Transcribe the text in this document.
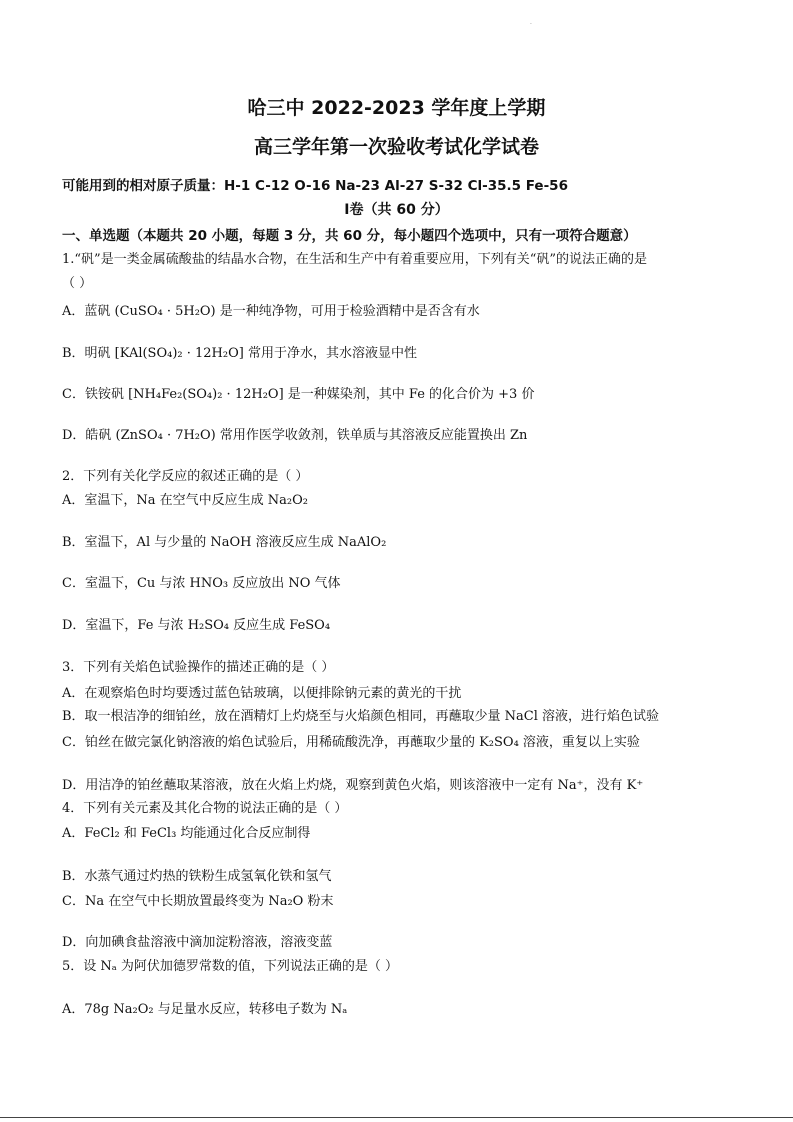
·
哈三中 2022-2023 学年度上学期
高三学年第一次验收考试化学试卷
可能用到的相对原子质量：H-1 C-12 O-16 Na-23 Al-27 S-32 Cl-35.5 Fe-56
Ⅰ卷（共 60 分）
一、单选题（本题共 20 小题，每题 3 分，共 60 分，每小题四个选项中，只有一项符合题意）
1.“矾”是一类金属硫酸盐的结晶水合物，在生活和生产中有着重要应用，下列有关“矾”的说法正确的是
（ ）
A．蓝矾 (CuSO₄ · 5H₂O) 是一种纯净物，可用于检验酒精中是否含有水
B．明矾 [KAl(SO₄)₂ · 12H₂O] 常用于净水，其水溶液显中性
C．铁铵矾 [NH₄Fe₂(SO₄)₂ · 12H₂O] 是一种媒染剂，其中 Fe 的化合价为 +3 价
D．皓矾 (ZnSO₄ · 7H₂O) 常用作医学收敛剂，铁单质与其溶液反应能置换出 Zn
2．下列有关化学反应的叙述正确的是（ ）
A．室温下，Na 在空气中反应生成 Na₂O₂
B．室温下，Al 与少量的 NaOH 溶液反应生成 NaAlO₂
C．室温下，Cu 与浓 HNO₃ 反应放出 NO 气体
D．室温下，Fe 与浓 H₂SO₄ 反应生成 FeSO₄
3．下列有关焰色试验操作的描述正确的是（ ）
A．在观察焰色时均要透过蓝色钴玻璃，以便排除钠元素的黄光的干扰
B．取一根洁净的细铂丝，放在酒精灯上灼烧至与火焰颜色相同，再蘸取少量 NaCl 溶液，进行焰色试验
C．铂丝在做完氯化钠溶液的焰色试验后，用稀硫酸洗净，再蘸取少量的 K₂SO₄ 溶液，重复以上实验
D．用洁净的铂丝蘸取某溶液，放在火焰上灼烧，观察到黄色火焰，则该溶液中一定有 Na⁺，没有 K⁺
4．下列有关元素及其化合物的说法正确的是（ ）
A．FeCl₂ 和 FeCl₃ 均能通过化合反应制得
B．水蒸气通过灼热的铁粉生成氢氧化铁和氢气
C．Na 在空气中长期放置最终变为 Na₂O 粉末
D．向加碘食盐溶液中滴加淀粉溶液，溶液变蓝
5．设 Nₐ 为阿伏加德罗常数的值，下列说法正确的是（ ）
A．78g Na₂O₂ 与足量水反应，转移电子数为 Nₐ
